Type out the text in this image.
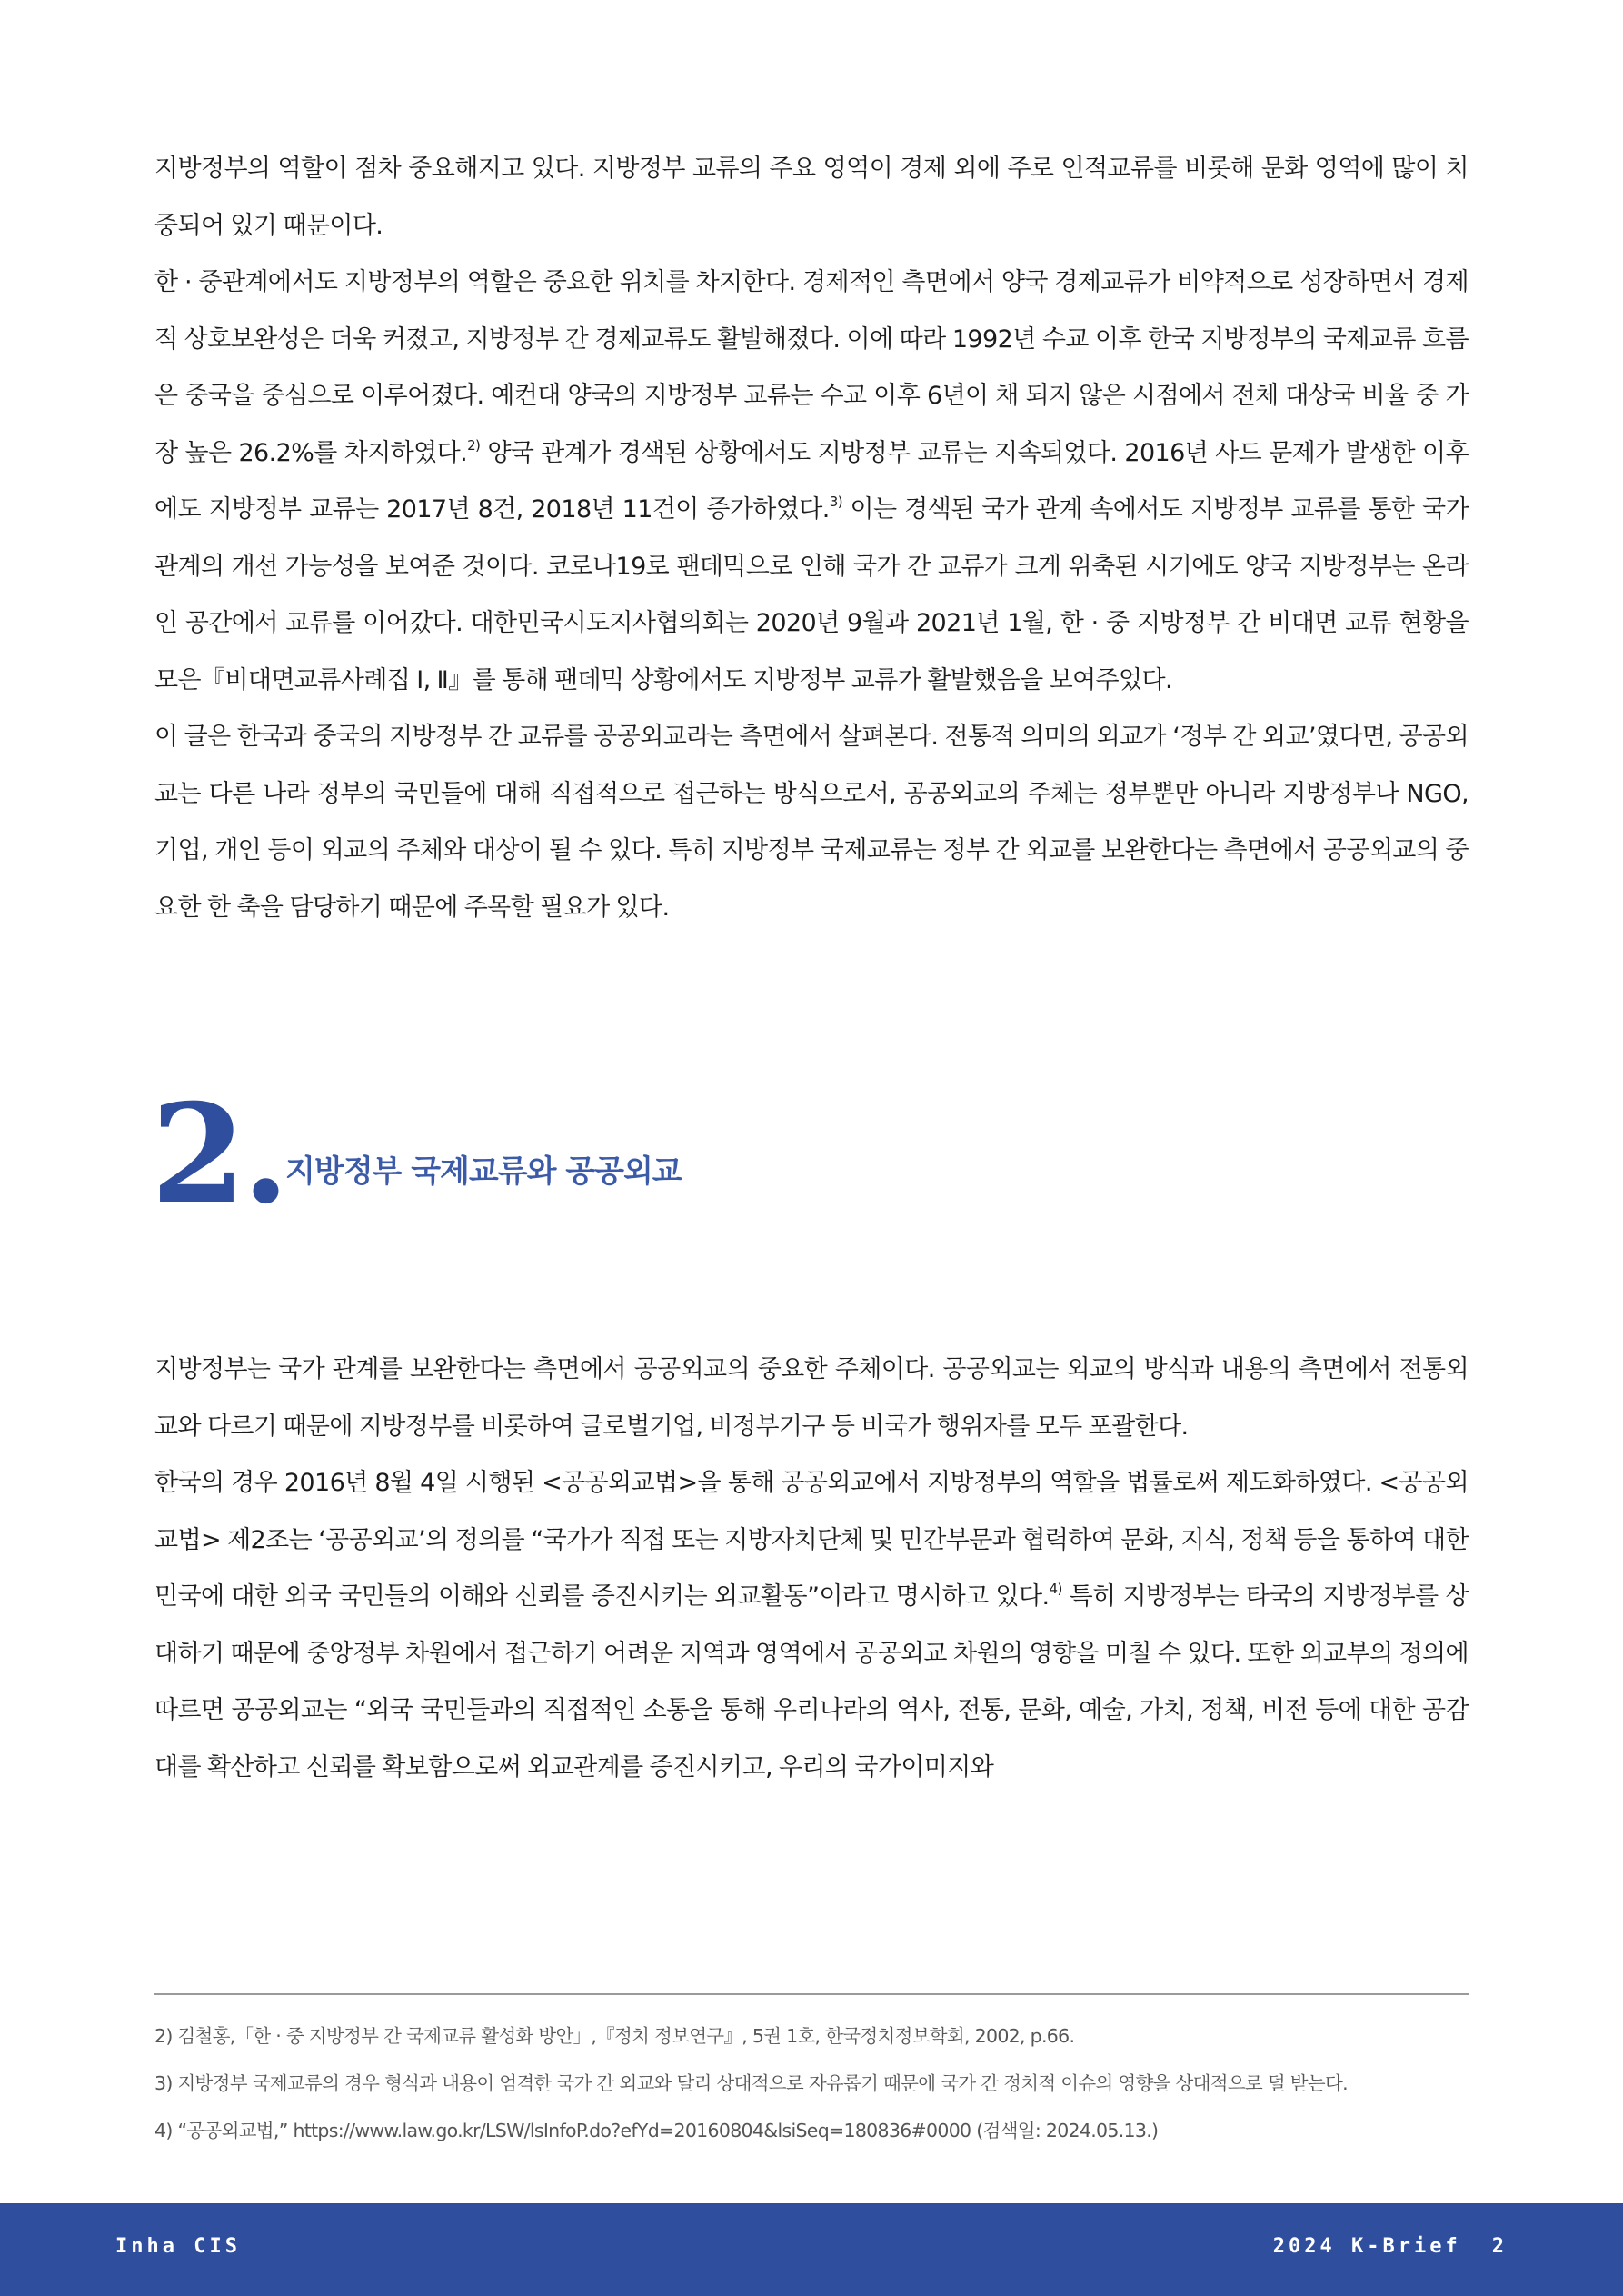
지방정부의 역할이 점차 중요해지고 있다. 지방정부 교류의 주요 영역이 경제 외에 주로 인적교류를 비롯해 문화 영역에 많이 치중되어 있기 때문이다.

한 · 중관계에서도 지방정부의 역할은 중요한 위치를 차지한다. 경제적인 측면에서 양국 경제교류가 비약적으로 성장하면서 경제적 상호보완성은 더욱 커졌고, 지방정부 간 경제교류도 활발해졌다. 이에 따라 1992년 수교 이후 한국 지방정부의 국제교류 흐름은 중국을 중심으로 이루어졌다. 예컨대 양국의 지방정부 교류는 수교 이후 6년이 채 되지 않은 시점에서 전체 대상국 비율 중 가장 높은 26.2%를 차지하였다.$^{2)}$ 양국 관계가 경색된 상황에서도 지방정부 교류는 지속되었다. 2016년 사드 문제가 발생한 이후에도 지방정부 교류는 2017년 8건, 2018년 11건이 증가하였다.$^{3)}$ 이는 경색된 국가 관계 속에서도 지방정부 교류를 통한 국가 관계의 개선 가능성을 보여준 것이다. 코로나19로 팬데믹으로 인해 국가 간 교류가 크게 위축된 시기에도 양국 지방정부는 온라인 공간에서 교류를 이어갔다. 대한민국시도지사협의회는 2020년 9월과 2021년 1월, 한 · 중 지방정부 간 비대면 교류 현황을 모은『비대면교류사례집 Ⅰ, Ⅱ』를 통해 팬데믹 상황에서도 지방정부 교류가 활발했음을 보여주었다.

이 글은 한국과 중국의 지방정부 간 교류를 공공외교라는 측면에서 살펴본다. 전통적 의미의 외교가 ‘정부 간 외교’였다면, 공공외교는 다른 나라 정부의 국민들에 대해 직접적으로 접근하는 방식으로서, 공공외교의 주체는 정부뿐만 아니라 지방정부나 NGO, 기업, 개인 등이 외교의 주체와 대상이 될 수 있다. 특히 지방정부 국제교류는 정부 간 외교를 보완한다는 측면에서 공공외교의 중요한 한 축을 담당하기 때문에 주목할 필요가 있다.

2. 지방정부 국제교류와 공공외교

지방정부는 국가 관계를 보완한다는 측면에서 공공외교의 중요한 주체이다. 공공외교는 외교의 방식과 내용의 측면에서 전통외교와 다르기 때문에 지방정부를 비롯하여 글로벌기업, 비정부기구 등 비국가 행위자를 모두 포괄한다.

한국의 경우 2016년 8월 4일 시행된 <공공외교법>을 통해 공공외교에서 지방정부의 역할을 법률로써 제도화하였다. <공공외교법> 제2조는 ‘공공외교’의 정의를 “국가가 직접 또는 지방자치단체 및 민간부문과 협력하여 문화, 지식, 정책 등을 통하여 대한민국에 대한 외국 국민들의 이해와 신뢰를 증진시키는 외교활동”이라고 명시하고 있다.$^{4)}$ 특히 지방정부는 타국의 지방정부를 상대하기 때문에 중앙정부 차원에서 접근하기 어려운 지역과 영역에서 공공외교 차원의 영향을 미칠 수 있다. 또한 외교부의 정의에 따르면 공공외교는 “외국 국민들과의 직접적인 소통을 통해 우리나라의 역사, 전통, 문화, 예술, 가치, 정책, 비전 등에 대한 공감대를 확산하고 신뢰를 확보함으로써 외교관계를 증진시키고, 우리의 국가이미지와

2) 김철홍,「한 · 중 지방정부 간 국제교류 활성화 방안」,『정치 정보연구』, 5권 1호, 한국정치정보학회, 2002, p.66.

3) 지방정부 국제교류의 경우 형식과 내용이 엄격한 국가 간 외교와 달리 상대적으로 자유롭기 때문에 국가 간 정치적 이슈의 영향을 상대적으로 덜 받는다.

4) “공공외교법,” https://www.law.go.kr/LSW/lsInfoP.do?efYd=20160804&lsiSeq=180836#0000 (검색일: 2024.05.13.)

Inha CIS	2024 K-Brief 2
